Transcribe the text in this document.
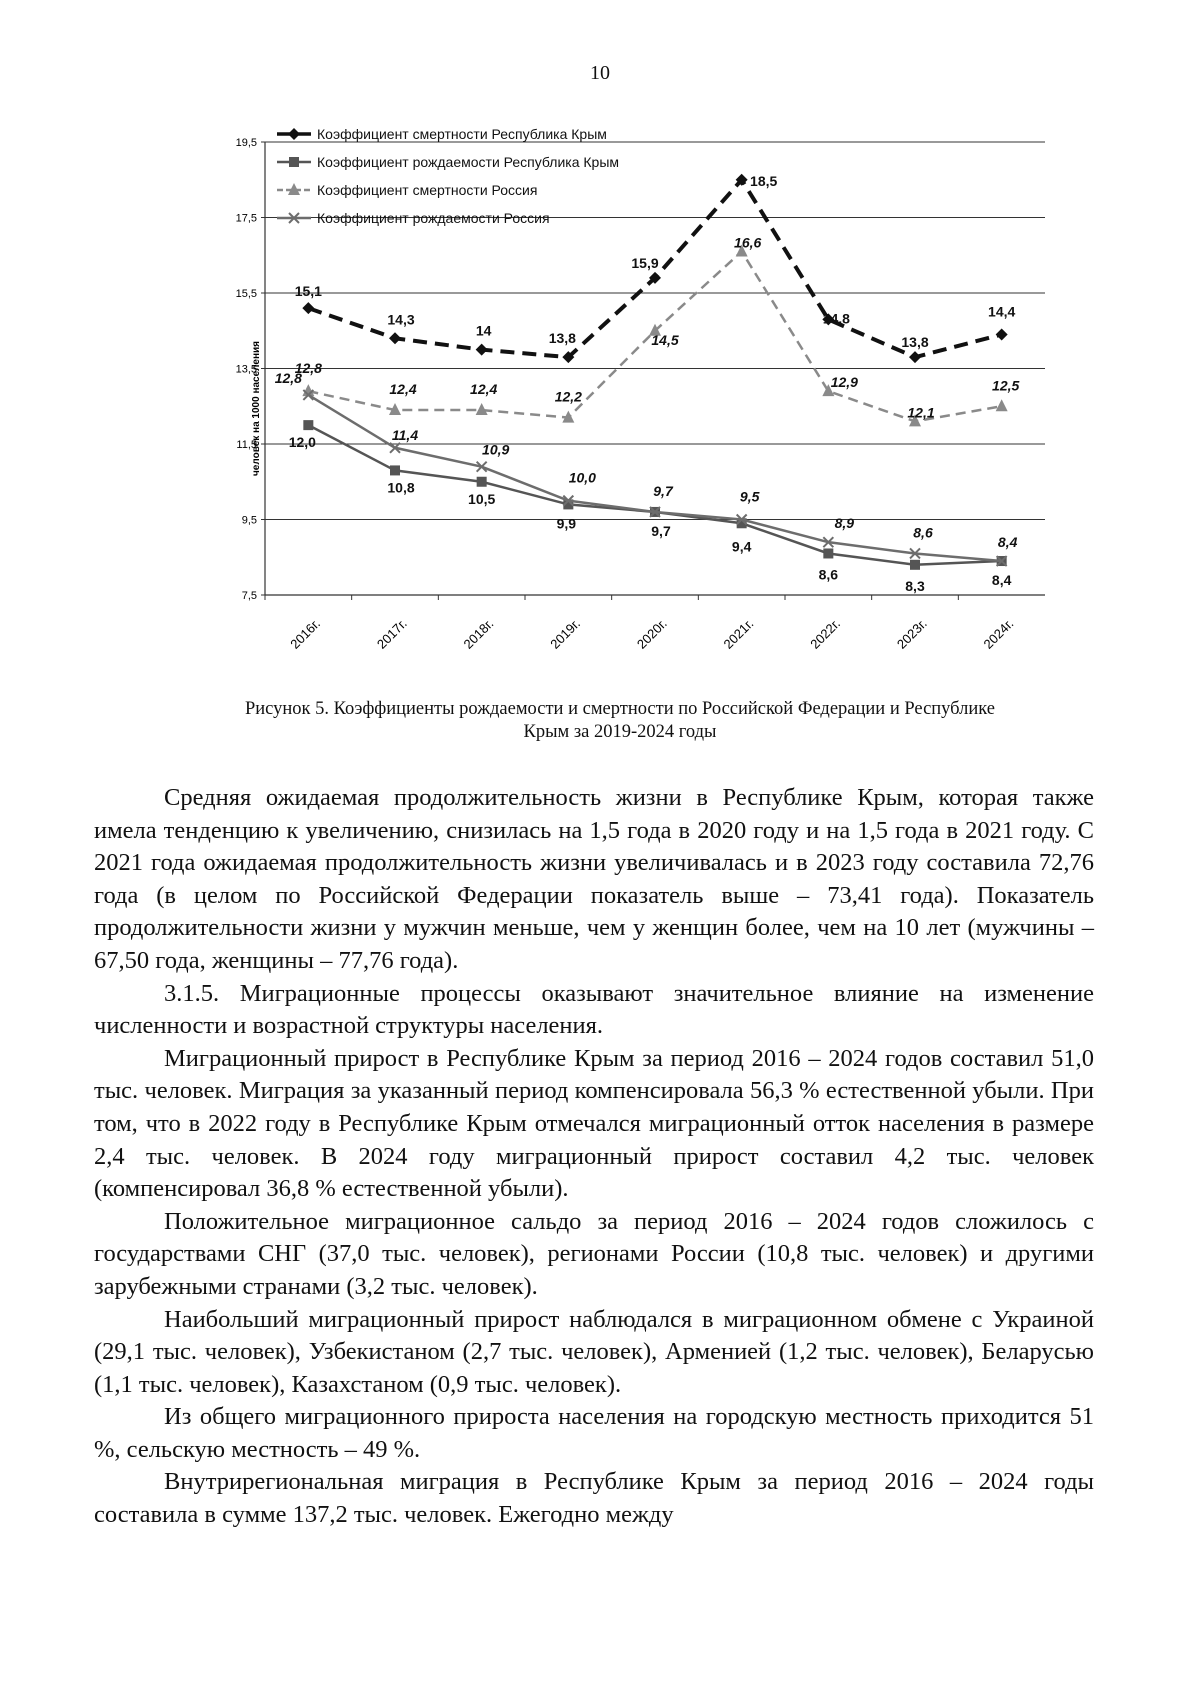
10
7,5
9,5
11,5
13,5
15,5
17,5
19,5
2016г.	2017г.	2018г.	2019г.	2020г.	2021г.	2022г.	2023г.	2024г.
человек на 1000 населения
15,1
14,3
14	13,8
15,9
18,5
14,8
13,8
14,4
12,0
10,8
10,5
9,9	9,7
9,4
8,6
8,3	8,4
12,8
12,4	12,4	12,2
14,5
16,6
12,9
12,1
12,5
12,8
11,4
10,9
10,0
9,7	9,5
8,9
8,6
8,4
Коэффициент смертности Республика Крым
Коэффициент рождаемости Республика Крым
Коэффициент смертности Россия
Коэффициент рождаемости Россия
Рисунок 5. Коэффициенты рождаемости и смертности по Российской Федерации и Республике
Крым за 2019-2024 годы

Средняя ожидаемая продолжительность жизни в Республике Крым, которая также имела тенденцию к увеличению, снизилась на 1,5 года в 2020 году и на 1,5 года в 2021 году. С 2021 года ожидаемая продолжительность жизни увеличивалась и в 2023 году составила 72,76 года (в целом по Российской Федерации показатель выше – 73,41 года). Показатель продолжительности жизни у мужчин меньше, чем у женщин более, чем на 10 лет (мужчины – 67,50 года, женщины – 77,76 года).

3.1.5. Миграционные процессы оказывают значительное влияние на изменение численности и возрастной структуры населения.

Миграционный прирост в Республике Крым за период 2016 – 2024 годов составил 51,0 тыс. человек. Миграция за указанный период компенсировала 56,3 % естественной убыли. При том, что в 2022 году в Республике Крым отмечался миграционный отток населения в размере 2,4 тыс. человек. В 2024 году миграционный прирост составил 4,2 тыс. человек (компенсировал 36,8 % естественной убыли).

Положительное миграционное сальдо за период 2016 – 2024 годов сложилось с государствами СНГ (37,0 тыс. человек), регионами России (10,8 тыс. человек) и другими зарубежными странами (3,2 тыс. человек).

Наибольший миграционный прирост наблюдался в миграционном обмене с Украиной (29,1 тыс. человек), Узбекистаном (2,7 тыс. человек), Арменией (1,2 тыс. человек), Беларусью (1,1 тыс. человек), Казахстаном (0,9 тыс. человек).

Из общего миграционного прироста населения на городскую местность приходится 51 %, сельскую местность – 49 %.

Внутрирегиональная миграция в Республике Крым за период 2016 – 2024 годы составила в сумме 137,2 тыс. человек. Ежегодно между
